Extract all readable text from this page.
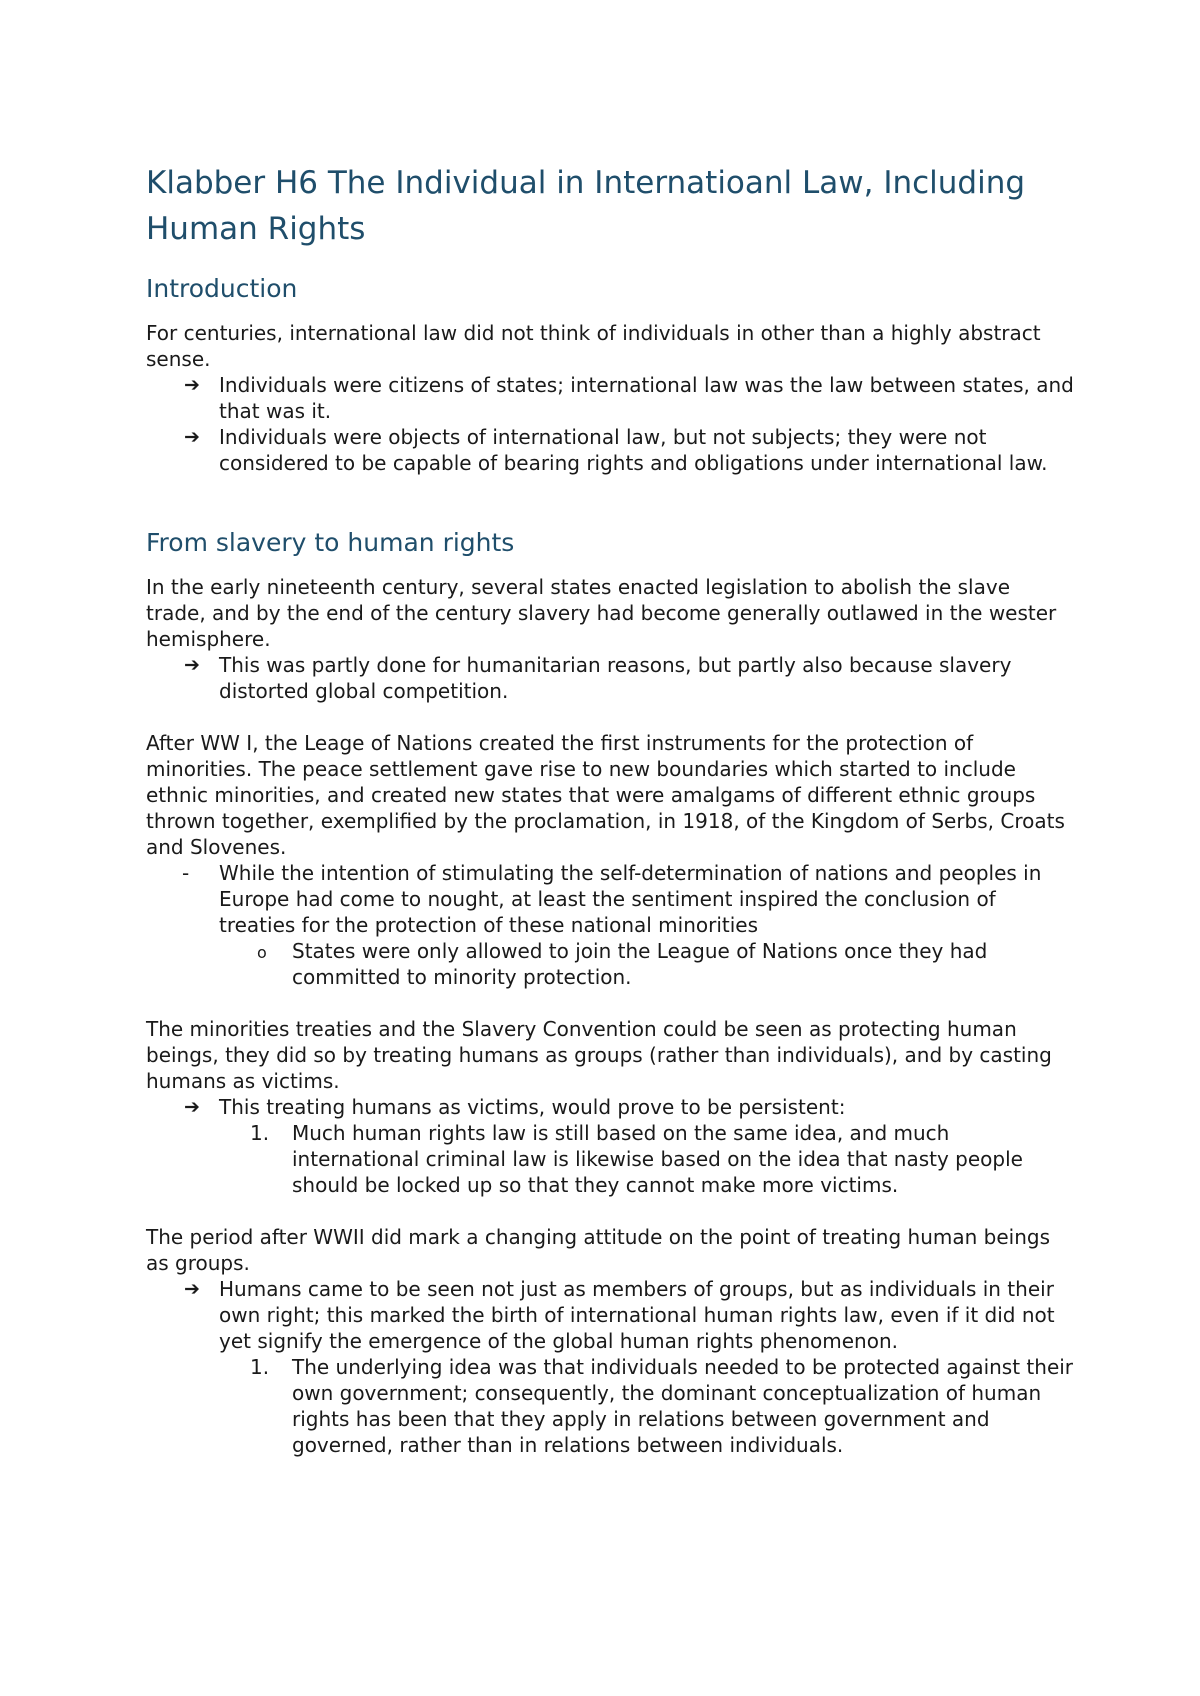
Klabber H6 The Individual in Internatioanl Law, Including Human Rights
Introduction

For centuries, international law did not think of individuals in other than a highly abstract sense.

➔ Individuals were citizens of states; international law was the law between states, and that was it.
➔ Individuals were objects of international law, but not subjects; they were not considered to be capable of bearing rights and obligations under international law.
From slavery to human rights

In the early nineteenth century, several states enacted legislation to abolish the slave trade, and by the end of the century slavery had become generally outlawed in the wester hemisphere.

➔ This was partly done for humanitarian reasons, but partly also because slavery distorted global competition.

After WW I, the Leage of Nations created the first instruments for the protection of minorities. The peace settlement gave rise to new boundaries which started to include ethnic minorities, and created new states that were amalgams of different ethnic groups thrown together, exemplified by the proclamation, in 1918, of the Kingdom of Serbs, Croats and Slovenes.

- While the intention of stimulating the self-determination of nations and peoples in Europe had come to nought, at least the sentiment inspired the conclusion of treaties for the protection of these national minorities
o States were only allowed to join the League of Nations once they had committed to minority protection.

The minorities treaties and the Slavery Convention could be seen as protecting human beings, they did so by treating humans as groups (rather than individuals), and by casting humans as victims.

➔ This treating humans as victims, would prove to be persistent:
1. Much human rights law is still based on the same idea, and much international criminal law is likewise based on the idea that nasty people should be locked up so that they cannot make more victims.

The period after WWII did mark a changing attitude on the point of treating human beings as groups.

➔ Humans came to be seen not just as members of groups, but as individuals in their own right; this marked the birth of international human rights law, even if it did not yet signify the emergence of the global human rights phenomenon.
1. The underlying idea was that individuals needed to be protected against their own government; consequently, the dominant conceptualization of human rights has been that they apply in relations between government and governed, rather than in relations between individuals.
